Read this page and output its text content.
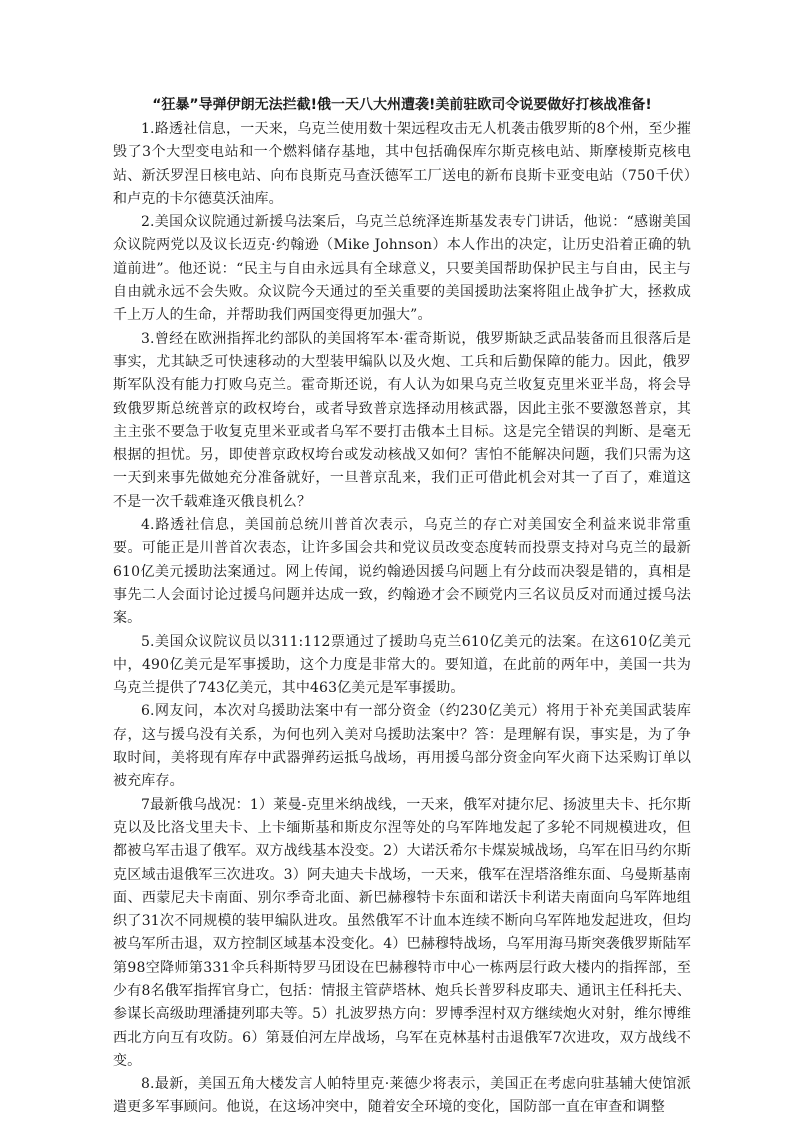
“狂暴”导弹伊朗无法拦截!俄一天八大州遭袭!美前驻欧司令说要做好打核战准备!

1.路透社信息，一天来，乌克兰使用数十架远程攻击无人机袭击俄罗斯的8个州，至少摧毁了3个大型变电站和一个燃料储存基地，其中包括确保库尔斯克核电站、斯摩棱斯克核电站、新沃罗涅日核电站、向布良斯克马查沃德军工厂送电的新布良斯卡亚变电站（750千伏）和卢克的卡尔德莫沃油库。

2.美国众议院通过新援乌法案后，乌克兰总统泽连斯基发表专门讲话，他说：“感谢美国众议院两党以及议长迈克·约翰逊（Mike Johnson）本人作出的决定，让历史沿着正确的轨道前进”。他还说：“民主与自由永远具有全球意义，只要美国帮助保护民主与自由，民主与自由就永远不会失败。众议院今天通过的至关重要的美国援助法案将阻止战争扩大，拯救成千上万人的生命，并帮助我们两国变得更加强大”。

3.曾经在欧洲指挥北约部队的美国将军本·霍奇斯说，俄罗斯缺乏武品装备而且很落后是事实，尤其缺乏可快速移动的大型装甲编队以及火炮、工兵和后勤保障的能力。因此，俄罗斯军队没有能力打败乌克兰。霍奇斯还说，有人认为如果乌克兰收复克里米亚半岛，将会导致俄罗斯总统普京的政权垮台，或者导致普京选择动用核武器，因此主张不要激怒普京，其主主张不要急于收复克里米亚或者乌军不要打击俄本土目标。这是完全错误的判断、是毫无根据的担忧。另，即使普京政权垮台或发动核战又如何？害怕不能解决问题，我们只需为这一天到来事先做她充分准备就好，一旦普京乱来，我们正可借此机会对其一了百了，难道这不是一次千载难逢灭俄良机么？

4.路透社信息，美国前总统川普首次表示，乌克兰的存亡对美国安全利益来说非常重要。可能正是川普首次表态，让许多国会共和党议员改变态度转而投票支持对乌克兰的最新610亿美元援助法案通过。网上传闻，说约翰逊因援乌问题上有分歧而决裂是错的，真相是事先二人会面讨论过援乌问题并达成一致，约翰逊才会不顾党内三名议员反对而通过援乌法案。

5.美国众议院议员以311:112票通过了援助乌克兰610亿美元的法案。在这610亿美元中，490亿美元是军事援助，这个力度是非常大的。要知道，在此前的两年中，美国一共为乌克兰提供了743亿美元，其中463亿美元是军事援助。

6.网友问，本次对乌援助法案中有一部分资金（约230亿美元）将用于补充美国武装库存，这与援乌没有关系，为何也列入美对乌援助法案中？答：是理解有误，事实是，为了争取时间，美将现有库存中武器弹药运抵乌战场，再用援乌部分资金向军火商下达采购订单以被充库存。

7最新俄乌战况：1）莱曼-克里米纳战线，一天来，俄军对捷尔尼、扬波里夫卡、托尔斯克以及比洛戈里夫卡、上卡缅斯基和斯皮尔涅等处的乌军阵地发起了多轮不同规模进攻，但都被乌军击退了俄军。双方战线基本没变。2）大诺沃希尔卡煤炭城战场，乌军在旧马约尔斯克区域击退俄军三次进攻。3）阿夫迪夫卡战场，一天来，俄军在涅塔洛维东面、乌曼斯基南面、西蒙尼夫卡南面、别尔季奇北面、新巴赫穆特卡东面和诺沃卡利诺夫南面向乌军阵地组织了31次不同规模的装甲编队进攻。虽然俄军不计血本连续不断向乌军阵地发起进攻，但均被乌军所击退，双方控制区域基本没变化。4）巴赫穆特战场，乌军用海马斯突袭俄罗斯陆军第98空降师第331伞兵科斯特罗马团设在巴赫穆特市中心一栋两层行政大楼内的指挥部，至少有8名俄军指挥官身亡，包括：情报主管萨塔林、炮兵长普罗科皮耶夫、通讯主任科托夫、参谋长高级助理潘捷列耶夫等。5）扎波罗热方向：罗博季涅村双方继续炮火对射，维尔博维西北方向互有攻防。6）第聂伯河左岸战场，乌军在克林基村击退俄军7次进攻，双方战线不变。

8.最新，美国五角大楼发言人帕特里克·莱德少将表示，美国正在考虑向驻基辅大使馆派遣更多军事顾问。他说，在这场冲突中，随着安全环境的变化，国防部一直在审查和调整
